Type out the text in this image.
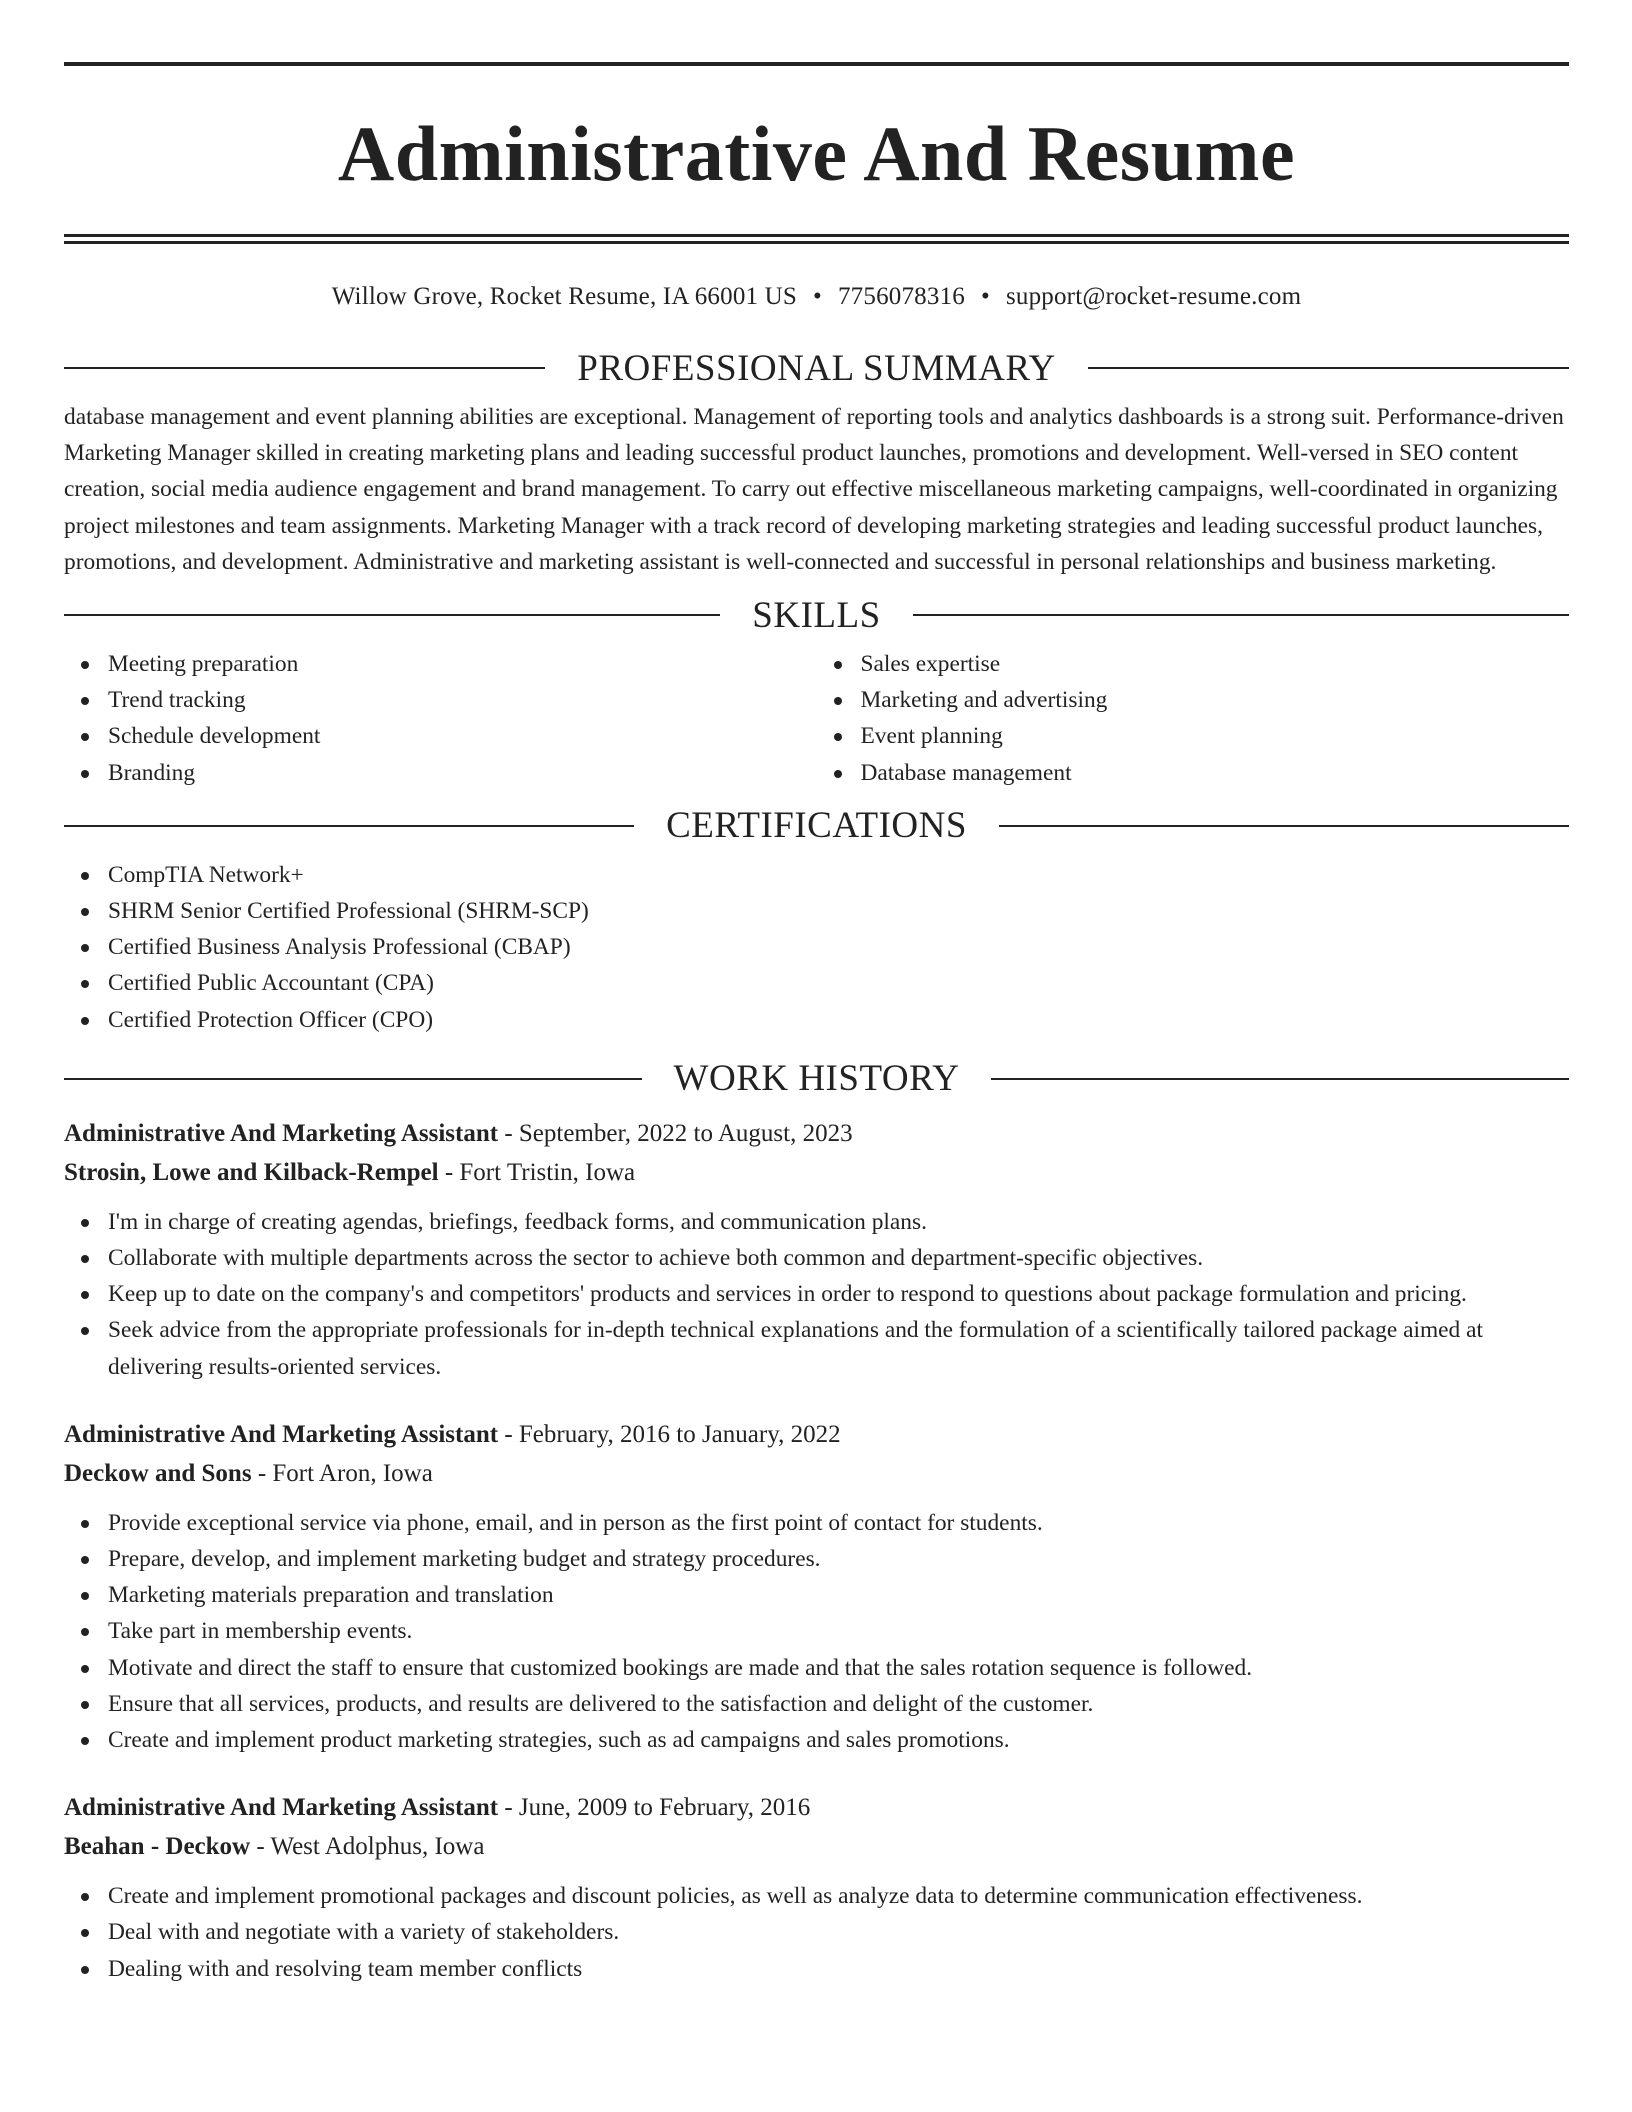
Administrative And Resume
Willow Grove, Rocket Resume, IA 66001 US • 7756078316 • support@rocket-resume.com
PROFESSIONAL SUMMARY

database management and event planning abilities are exceptional. Management of reporting tools and analytics dashboards is a strong suit. Performance-driven Marketing Manager skilled in creating marketing plans and leading successful product launches, promotions and development. Well-versed in SEO content creation, social media audience engagement and brand management. To carry out effective miscellaneous marketing campaigns, well-coordinated in organizing project milestones and team assignments. Marketing Manager with a track record of developing marketing strategies and leading successful product launches, promotions, and development. Administrative and marketing assistant is well-connected and successful in personal relationships and business marketing.

SKILLS
Meeting preparation
Trend tracking
Schedule development
Branding
Sales expertise
Marketing and advertising
Event planning
Database management
CERTIFICATIONS
CompTIA Network+
SHRM Senior Certified Professional (SHRM-SCP)
Certified Business Analysis Professional (CBAP)
Certified Public Accountant (CPA)
Certified Protection Officer (CPO)
WORK HISTORY
Administrative And Marketing Assistant - September, 2022 to August, 2023
Strosin, Lowe and Kilback-Rempel - Fort Tristin, Iowa
I'm in charge of creating agendas, briefings, feedback forms, and communication plans.
Collaborate with multiple departments across the sector to achieve both common and department-specific objectives.
Keep up to date on the company's and competitors' products and services in order to respond to questions about package formulation and pricing.
Seek advice from the appropriate professionals for in-depth technical explanations and the formulation of a scientifically tailored package aimed at delivering results-oriented services.
Administrative And Marketing Assistant - February, 2016 to January, 2022
Deckow and Sons - Fort Aron, Iowa
Provide exceptional service via phone, email, and in person as the first point of contact for students.
Prepare, develop, and implement marketing budget and strategy procedures.
Marketing materials preparation and translation
Take part in membership events.
Motivate and direct the staff to ensure that customized bookings are made and that the sales rotation sequence is followed.
Ensure that all services, products, and results are delivered to the satisfaction and delight of the customer.
Create and implement product marketing strategies, such as ad campaigns and sales promotions.
Administrative And Marketing Assistant - June, 2009 to February, 2016
Beahan - Deckow - West Adolphus, Iowa
Create and implement promotional packages and discount policies, as well as analyze data to determine communication effectiveness.
Deal with and negotiate with a variety of stakeholders.
Dealing with and resolving team member conflicts
